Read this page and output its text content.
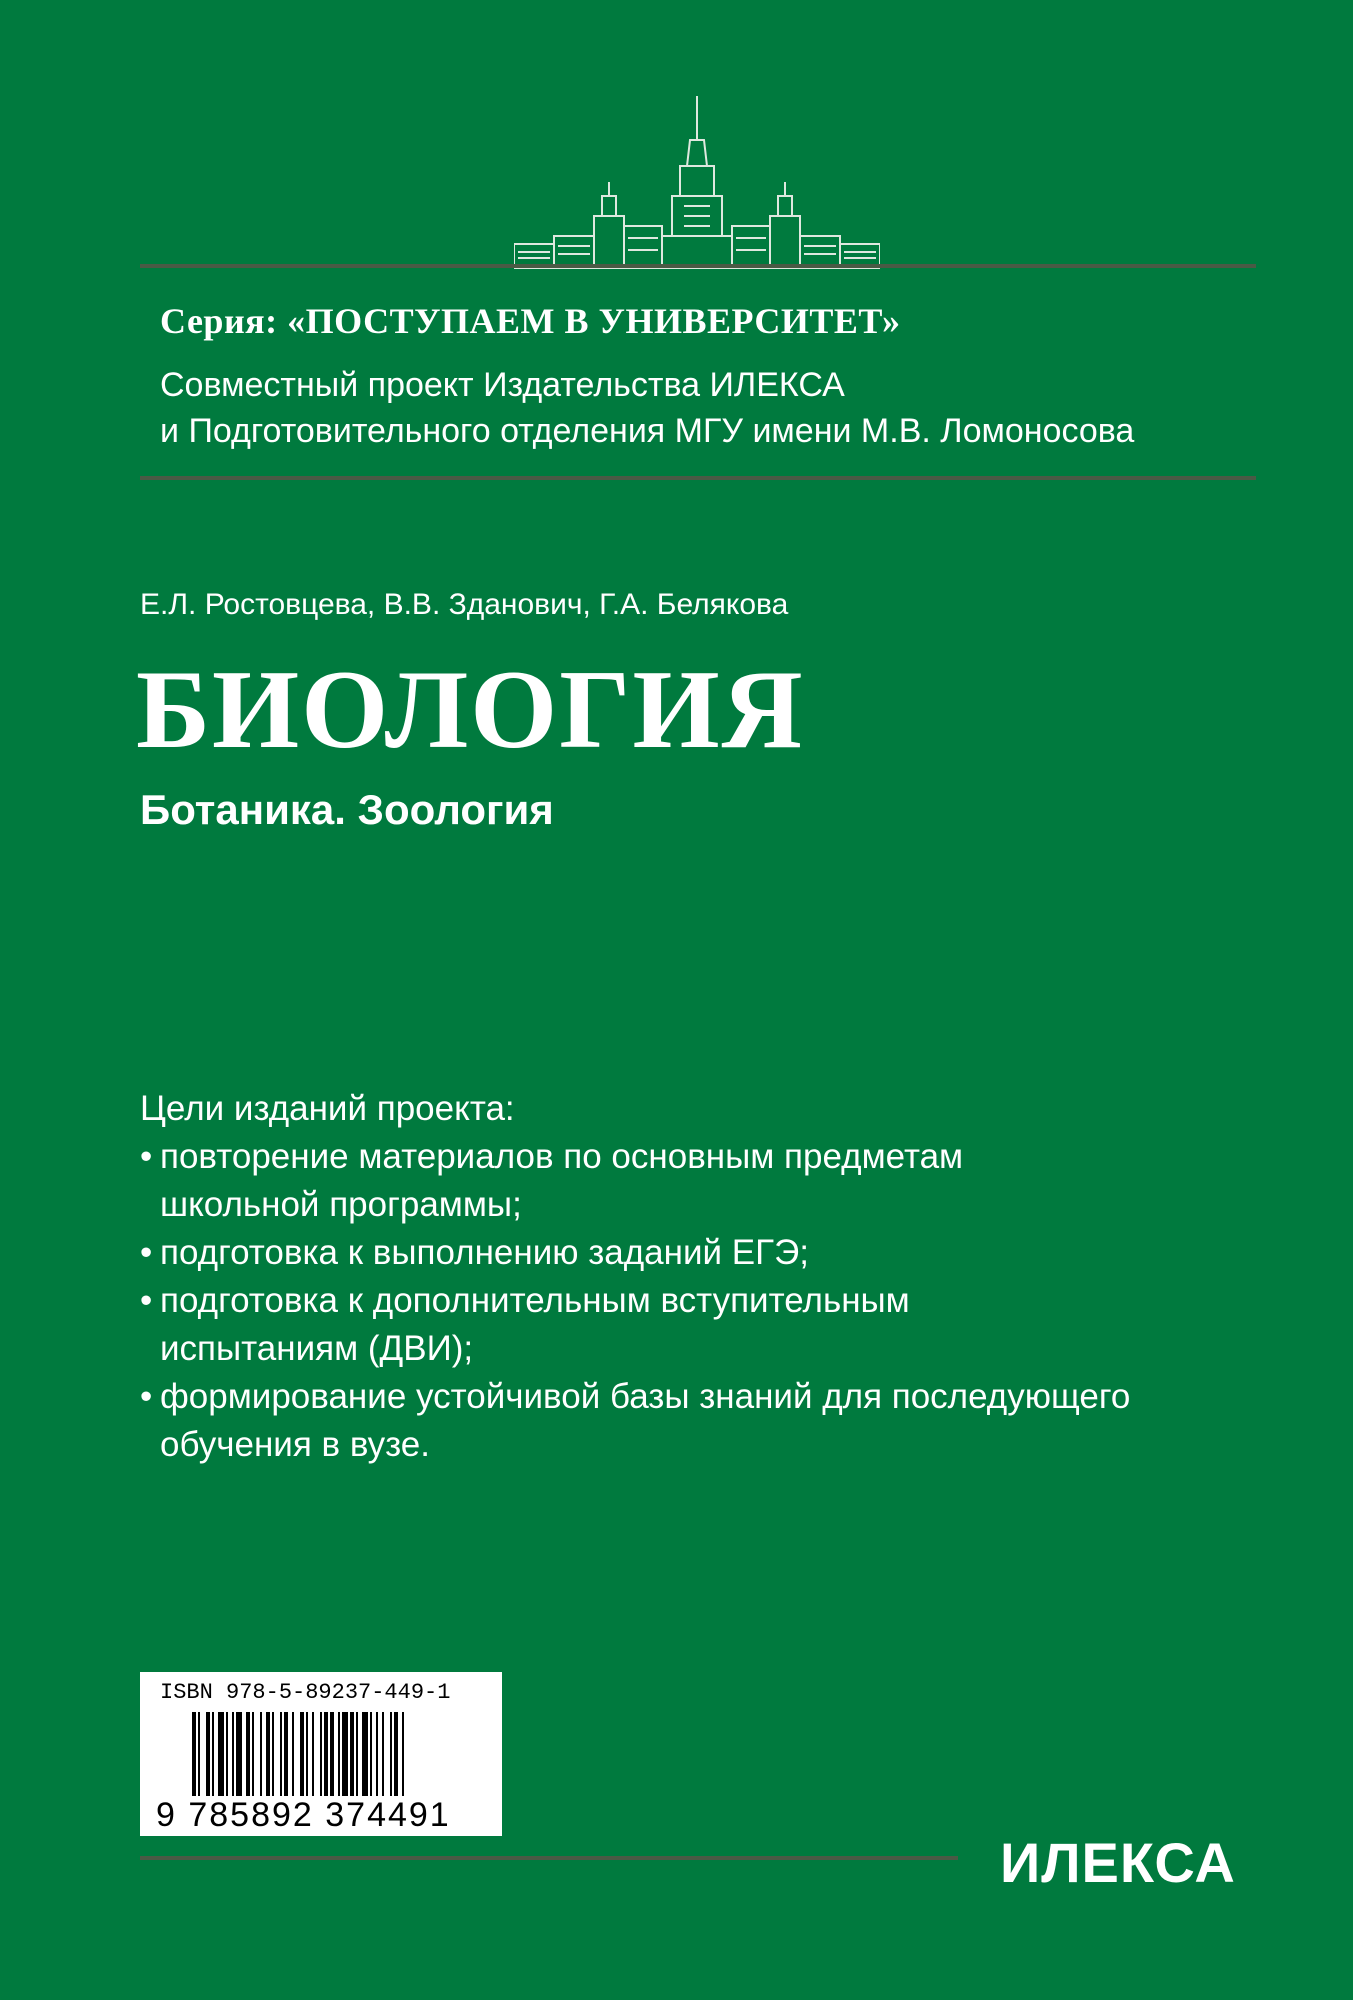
Серия: «ПОСТУПАЕМ В УНИВЕРСИТЕТ»
Совместный проект Издательства ИЛЕКСА
и Подготовительного отделения МГУ имени М.В. Ломоносова
Е.Л. Ростовцева, В.В. Зданович, Г.А. Белякова
БИОЛОГИЯ
Ботаника. Зоология
Цели изданий проекта:
• повторение материалов по основным предметам
школьной программы;
• подготовка к выполнению заданий ЕГЭ;
• подготовка к дополнительным вступительным
испытаниям (ДВИ);
• формирование устойчивой базы знаний для последующего
обучения в вузе.
ISBN 978-5-89237-449-1
9 785892 374491
ИЛЕКСА
